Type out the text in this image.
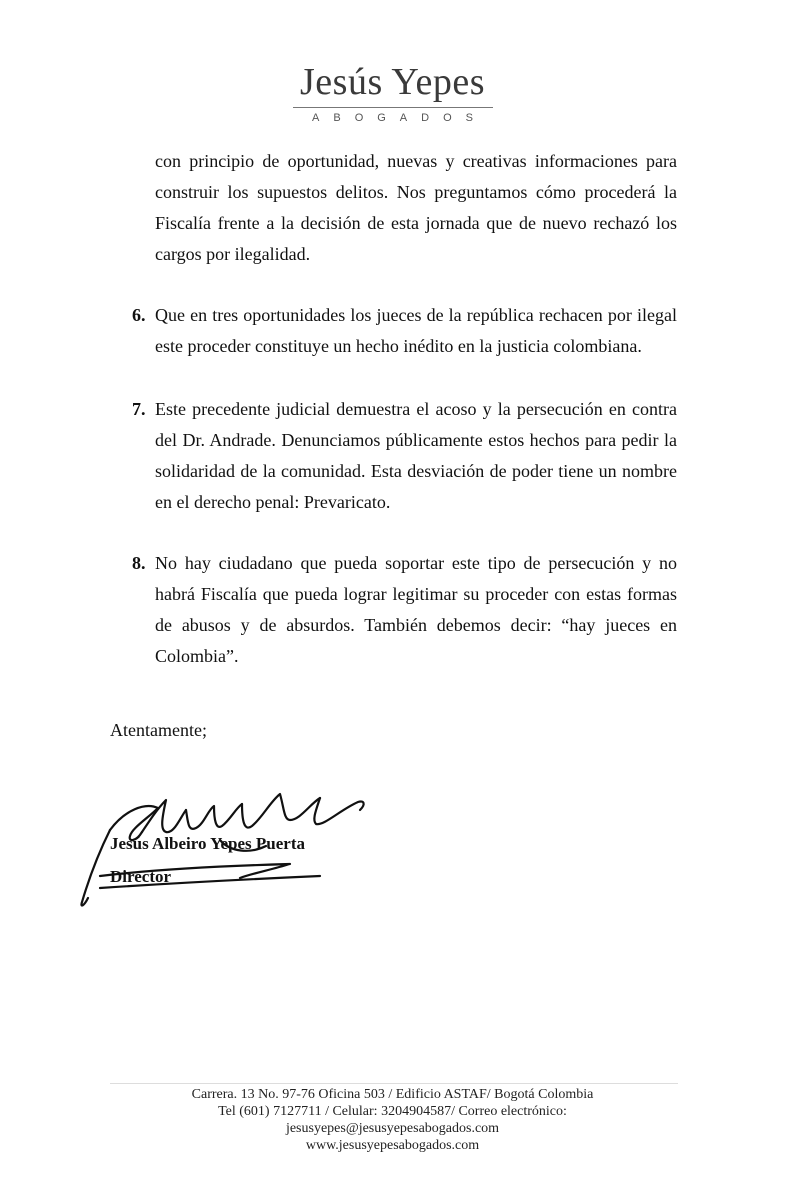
Jesús Yepes
ABOGADOS
con principio de oportunidad, nuevas y creativas informaciones para construir los supuestos delitos. Nos preguntamos cómo procederá la Fiscalía frente a la decisión de esta jornada que de nuevo rechazó los cargos por ilegalidad.
6. Que en tres oportunidades los jueces de la república rechacen por ilegal este proceder constituye un hecho inédito en la justicia colombiana.
7. Este precedente judicial demuestra el acoso y la persecución en contra del Dr. Andrade. Denunciamos públicamente estos hechos para pedir la solidaridad de la comunidad. Esta desviación de poder tiene un nombre en el derecho penal: Prevaricato.
8. No hay ciudadano que pueda soportar este tipo de persecución y no habrá Fiscalía que pueda lograr legitimar su proceder con estas formas de abusos y de absurdos. También debemos decir: “hay jueces en Colombia”.
Atentamente;
Jesús Albeiro Yepes Puerta
Director
Carrera. 13 No. 97-76 Oficina 503 / Edificio ASTAF/ Bogotá Colombia
Tel (601) 7127711 / Celular: 3204904587/ Correo electrónico:
jesusyepes@jesusyepesabogados.com
www.jesusyepesabogados.com
